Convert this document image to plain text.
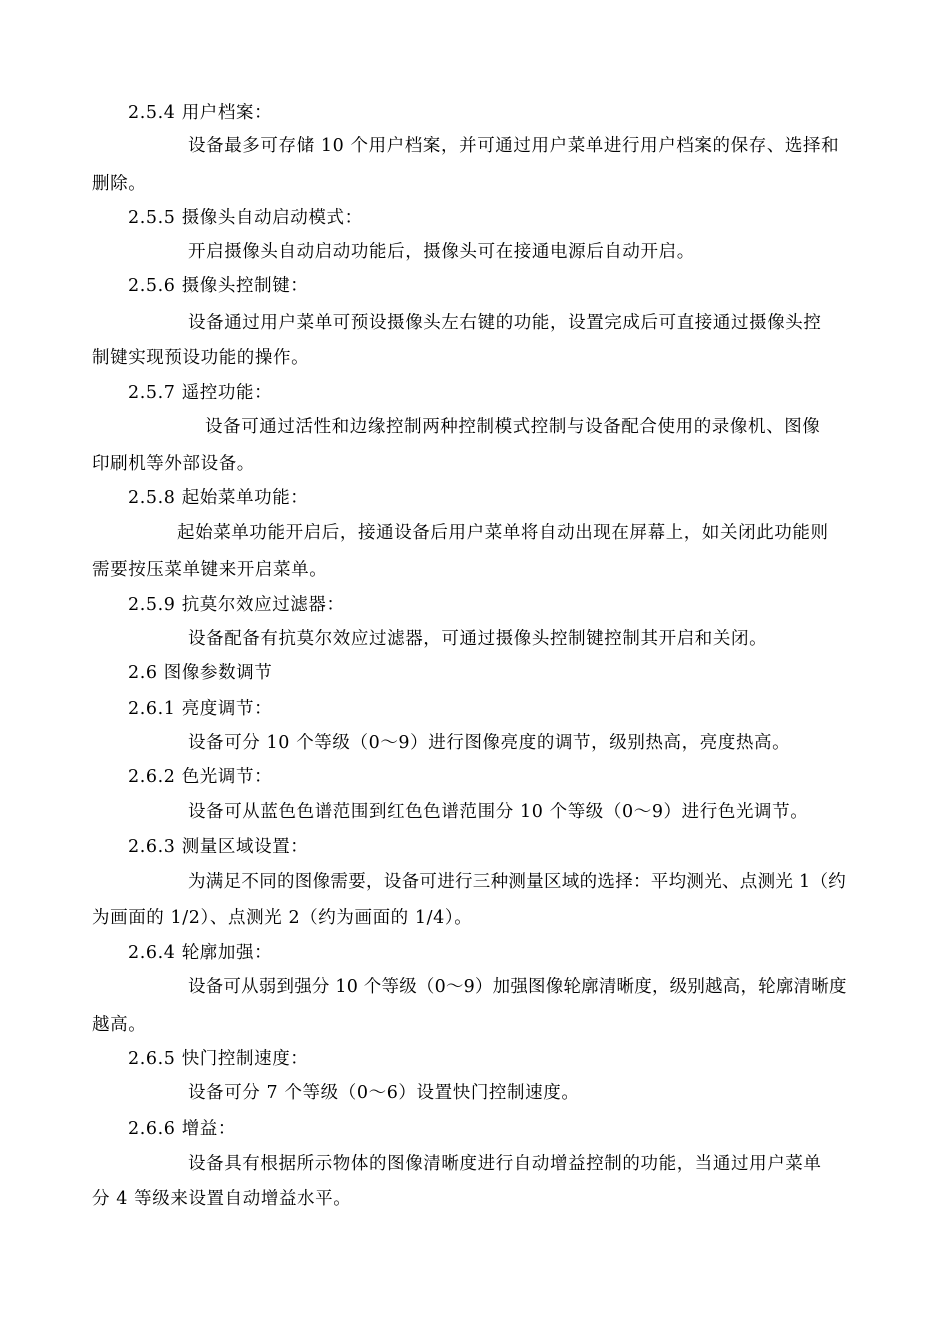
2.5.4 用户档案：
设备最多可存储 10 个用户档案，并可通过用户菜单进行用户档案的保存、选择和
删除。
2.5.5 摄像头自动启动模式：
开启摄像头自动启动功能后，摄像头可在接通电源后自动开启。
2.5.6 摄像头控制键：
设备通过用户菜单可预设摄像头左右键的功能，设置完成后可直接通过摄像头控
制键实现预设功能的操作。
2.5.7 遥控功能：
设备可通过活性和边缘控制两种控制模式控制与设备配合使用的录像机、图像
印刷机等外部设备。
2.5.8 起始菜单功能：
起始菜单功能开启后，接通设备后用户菜单将自动出现在屏幕上，如关闭此功能则
需要按压菜单键来开启菜单。
2.5.9 抗莫尔效应过滤器：
设备配备有抗莫尔效应过滤器，可通过摄像头控制键控制其开启和关闭。
2.6 图像参数调节
2.6.1 亮度调节：
设备可分 10 个等级（0～9）进行图像亮度的调节，级别热高，亮度热高。
2.6.2 色光调节：
设备可从蓝色色谱范围到红色色谱范围分 10 个等级（0～9）进行色光调节。
2.6.3 测量区域设置：
为满足不同的图像需要，设备可进行三种测量区域的选择：平均测光、点测光 1（约
为画面的 1/2）、点测光 2（约为画面的 1/4）。
2.6.4 轮廓加强：
设备可从弱到强分 10 个等级（0～9）加强图像轮廓清晰度，级别越高，轮廓清晰度
越高。
2.6.5 快门控制速度：
设备可分 7 个等级（0～6）设置快门控制速度。
2.6.6 增益：
设备具有根据所示物体的图像清晰度进行自动增益控制的功能，当通过用户菜单
分 4 等级来设置自动增益水平。
